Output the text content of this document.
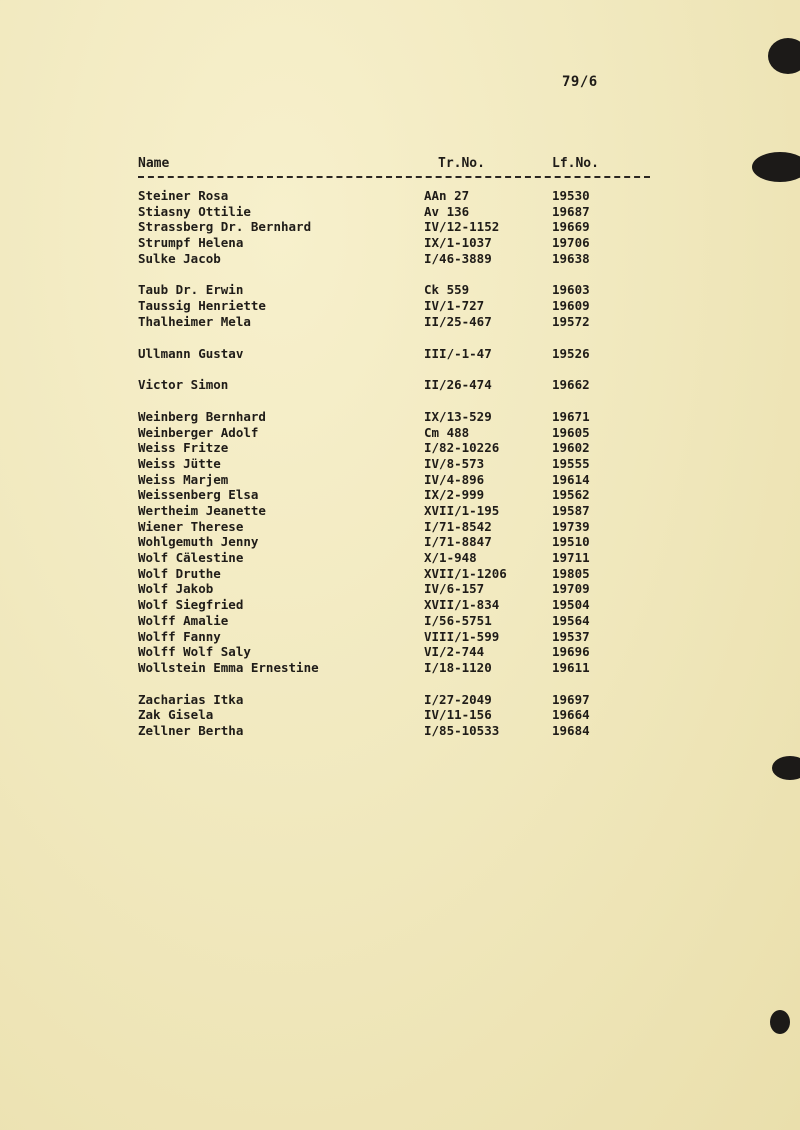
79/6
Name	Tr.No.	Lf.No.
Steiner Rosa	AAn 27	19530
Stiasny Ottilie	Av 136	19687
Strassberg Dr. Bernhard	IV/12-1152	19669
Strumpf Helena	IX/1-1037	19706
Sulke Jacob	I/46-3889	19638
Taub Dr. Erwin	Ck 559	19603
Taussig Henriette	IV/1-727	19609
Thalheimer Mela	II/25-467	19572
Ullmann Gustav	III/-1-47	19526
Victor Simon	II/26-474	19662
Weinberg Bernhard	IX/13-529	19671
Weinberger Adolf	Cm 488	19605
Weiss Fritze	I/82-10226	19602
Weiss Jütte	IV/8-573	19555
Weiss Marjem	IV/4-896	19614
Weissenberg Elsa	IX/2-999	19562
Wertheim Jeanette	XVII/1-195	19587
Wiener Therese	I/71-8542	19739
Wohlgemuth Jenny	I/71-8847	19510
Wolf Cälestine	X/1-948	19711
Wolf Druthe	XVII/1-1206	19805
Wolf Jakob	IV/6-157	19709
Wolf Siegfried	XVII/1-834	19504
Wolff Amalie	I/56-5751	19564
Wolff Fanny	VIII/1-599	19537
Wolff Wolf Saly	VI/2-744	19696
Wollstein Emma Ernestine	I/18-1120	19611
Zacharias Itka	I/27-2049	19697
Zak Gisela	IV/11-156	19664
Zellner Bertha	I/85-10533	19684
